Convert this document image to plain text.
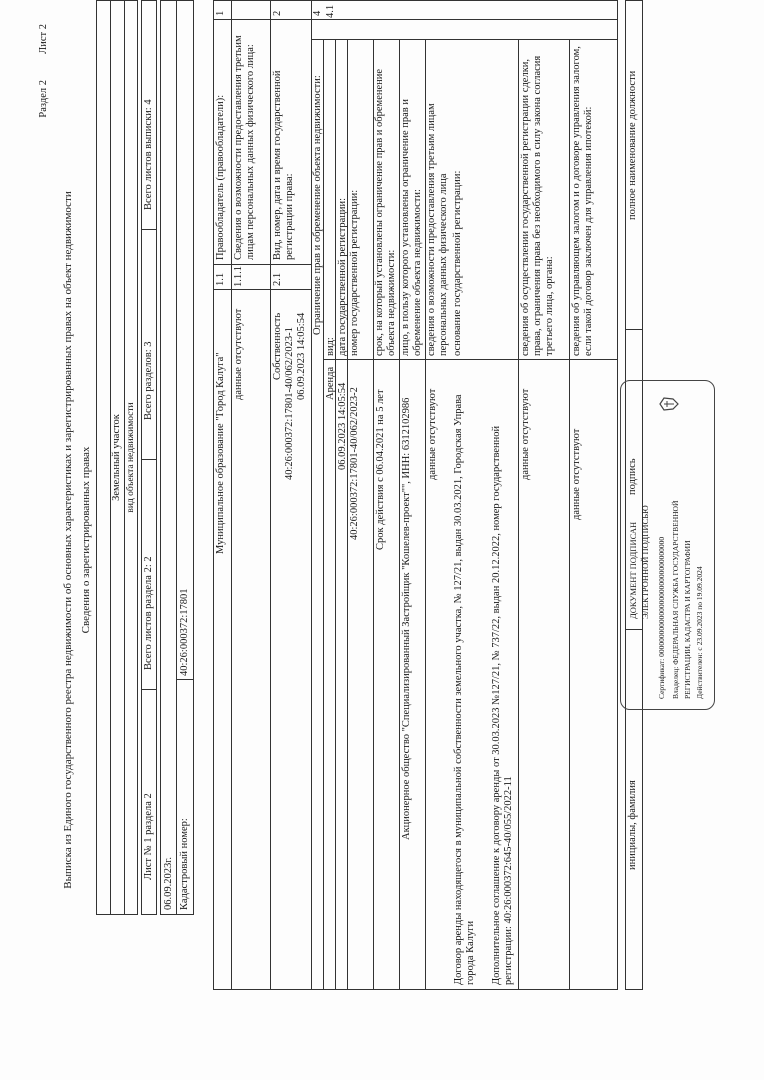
Раздел 2
Лист 2
Выписка из Единого государственного реестра недвижимости об основных характеристиках и зарегистрированных правах на объект недвижимости Сведения о зарегистрированных правах Земельный участок вид объекта недвижимости
Лист № 1 раздела 2
Всего листов раздела 2: 2
Всего разделов: 3
Всего листов выписки: 4
06.09.2023г. Кадастровый номер:
40:26:000372:17801
1
Правообладатель (правообладатели):
1.1
Муниципальное образование "Город Калуга"
Сведения о возможности предоставления третьим лицам персональных данных физического лица:
1.1.1
данные отсутствуют
2
Вид, номер, дата и время государственной регистрации права:
2.1
Собственность 40:26:000372:17801-40/062/2023-1 06.09.2023 14:05:54
4
Ограничение прав и обременение объекта недвижимости:
4.1
вид:
Аренда
дата государственной регистрации:
06.09.2023 14:05:54
номер государственной регистрации:
40:26:000372:17801-40/062/2023-2
срок, на который установлены ограничение прав и обременение объекта недвижимости:
Срок действия с 06.04.2021 на 5 лет
лицо, в пользу которого установлены ограничение прав и обременение объекта недвижимости:
Акционерное общество "Специализированный Застройщик "Кошелев-проект"", ИНН: 6312102986
сведения о возможности предоставления третьим лицам персональных данных физического лица
данные отсутствуют
основание государственной регистрации:
Договор аренды находящегося в муниципальной собственности земельного участка, № 127/21, выдан 30.03.2021, Городская Управа города Калуги Дополнительное соглашение к договору аренды от 30.03.2023 №127/21, № 737/22, выдан 20.12.2022, номер государственной регистрации: 40:26:000372:645-40/055/2022-11
сведения об осуществлении государственной регистрации сделки, права, ограничения права без необходимого в силу закона согласия третьего лица, органа:
данные отсутствуют
сведения об управляющем залогом и о договоре управления залогом, если такой договор заключен для управления ипотекой:
данные отсутствуют
полное наименование должности
подпись
инициалы, фамилия
ДОКУМЕНТ ПОДПИСАН ЭЛЕКТРОННОЙ ПОДПИСЬЮ Сертификат: 00000000000000000000000000000000 Владелец: ФЕДЕРАЛЬНАЯ СЛУЖБА ГОСУДАРСТВЕННОЙ РЕГИСТРАЦИИ, КАДАСТРА И КАРТОГРАФИИ Действителен: с 23.09.2023 по 19.09.2024
